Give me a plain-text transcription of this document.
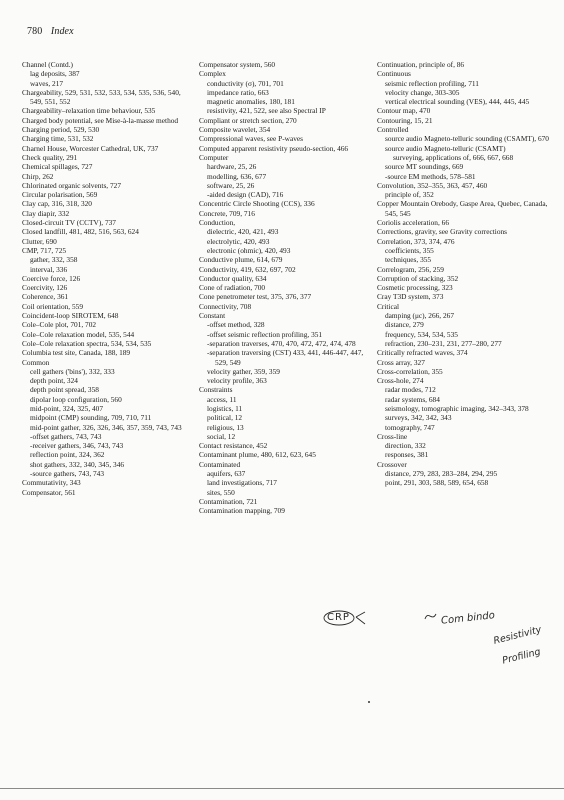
780 Index
Channel (Contd.)
lag deposits, 387
waves, 217
Chargeability, 529, 531, 532, 533, 534, 535, 536, 540, 549, 551, 552
Chargeability–relaxation time behaviour, 535
Charged body potential, see Mise-à-la-masse method
Charging period, 529, 530
Charging time, 531, 532
Charnel House, Worcester Cathedral, UK, 737
Check quality, 291
Chemical spillages, 727
Chirp, 262
Chlorinated organic solvents, 727
Circular polarisation, 569
Clay cap, 316, 318, 320
Clay diapir, 332
Closed-circuit TV (CCTV), 737
Closed landfill, 481, 482, 516, 563, 624
Clutter, 690
CMP, 717, 725
gather, 332, 358
interval, 336
Coercive force, 126
Coercivity, 126
Coherence, 361
Coil orientation, 559
Coincident-loop SIROTEM, 648
Cole–Cole plot, 701, 702
Cole–Cole relaxation model, 535, 544
Cole–Cole relaxation spectra, 534, 534, 535
Columbia test site, Canada, 188, 189
Common
cell gathers ('bins'), 332, 333
depth point, 324
depth point spread, 358
dipolar loop configuration, 560
mid-point, 324, 325, 407
midpoint (CMP) sounding, 709, 710, 711
mid-point gather, 326, 326, 346, 357, 359, 743, 743
-offset gathers, 743, 743
-receiver gathers, 346, 743, 743
reflection point, 324, 362
shot gathers, 332, 340, 345, 346
-source gathers, 743, 743
Commutativity, 343
Compensator, 561
Compensator system, 560
Complex
conductivity (σ), 701, 701
impedance ratio, 663
magnetic anomalies, 180, 181
resistivity, 421, 522, see also Spectral IP
Compliant or stretch section, 270
Composite wavelet, 354
Compressional waves, see P-waves
Computed apparent resistivity pseudo-section, 466
Computer
hardware, 25, 26
modelling, 636, 677
software, 25, 26
-aided design (CAD), 716
Concentric Circle Shooting (CCS), 336
Concrete, 709, 716
Conduction,
dielectric, 420, 421, 493
electrolytic, 420, 493
electronic (ohmic), 420, 493
Conductive plume, 614, 679
Conductivity, 419, 632, 697, 702
Conductor quality, 634
Cone of radiation, 700
Cone penetrometer test, 375, 376, 377
Connectivity, 708
Constant
-offset method, 328
-offset seismic reflection profiling, 351
-separation traverses, 470, 470, 472, 472, 474, 478
-separation traversing (CST) 433, 441, 446-447, 447, 529, 549
velocity gather, 359, 359
velocity profile, 363
Constraints
access, 11
logistics, 11
political, 12
religious, 13
social, 12
Contact resistance, 452
Contaminant plume, 480, 612, 623, 645
Contaminated
aquifers, 637
land investigations, 717
sites, 550
Contamination, 721
Contamination mapping, 709
Continuation, principle of, 86
Continuous
seismic reflection profiling, 711
velocity change, 303-305
vertical electrical sounding (VES), 444, 445, 445
Contour map, 470
Contouring, 15, 21
Controlled
source audio Magneto-telluric sounding (CSAMT), 670
source audio Magneto-telluric (CSAMT)
surveying, applications of, 666, 667, 668
source MT soundings, 669
-source EM methods, 578–581
Convolution, 352–355, 363, 457, 460
principle of, 352
Copper Mountain Orebody, Gaspe Area, Quebec, Canada, 545, 545
Coriolis acceleration, 66
Corrections, gravity, see Gravity corrections
Correlation, 373, 374, 476
coefficients, 355
techniques, 355
Correlogram, 256, 259
Corruption of stacking, 352
Cosmetic processing, 323
Cray T3D system, 373
Critical
damping (μc), 266, 267
distance, 279
frequency, 534, 534, 535
refraction, 230–231, 231, 277–280, 277
Critically refracted waves, 374
Cross array, 327
Cross-correlation, 355
Cross-hole, 274
radar modes, 712
radar systems, 684
seismology, tomographic imaging, 342–343, 378
surveys, 342, 342, 343
tomography, 747
Cross-line
direction, 332
responses, 381
Crossover
distance, 279, 283, 283–284, 294, 295
point, 291, 303, 588, 589, 654, 658
CRP	Com bindo
Resistivity
Profiling
